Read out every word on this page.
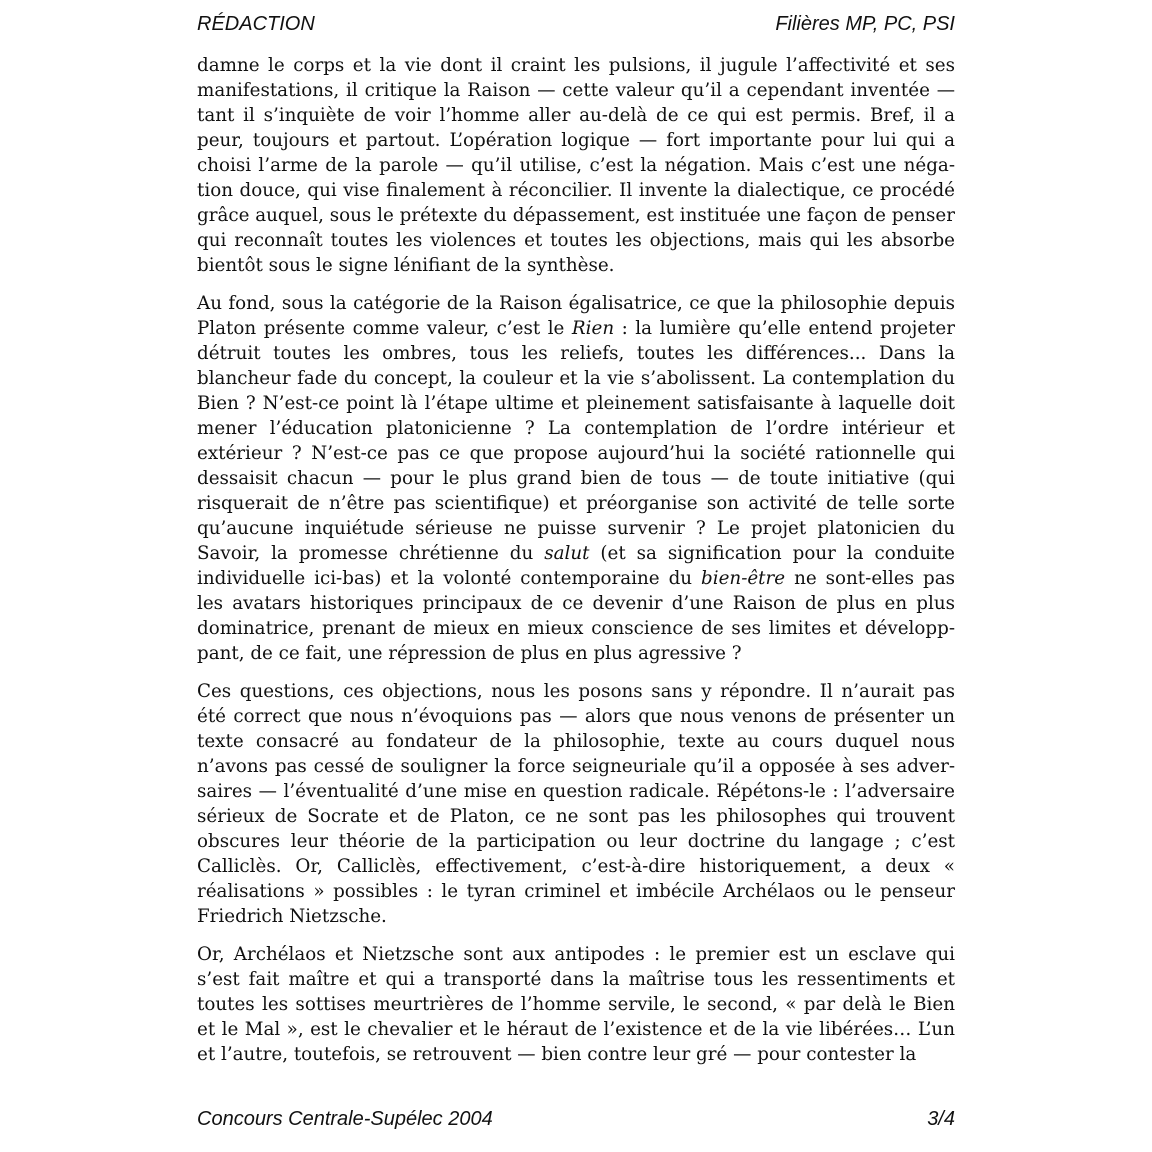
RÉDACTION	Filières MP, PC, PSI

damne le corps et la vie dont il craint les pulsions, il jugule l’affectivité et ses manifestations, il critique la Raison — cette valeur qu’il a cependant inventée — tant il s’inquiète de voir l’homme aller au-delà de ce qui est permis. Bref, il a peur, toujours et partout. L’opération logique — fort importante pour lui qui a choisi l’arme de la parole — qu’il utilise, c’est la négation. Mais c’est une négation douce, qui vise finalement à réconcilier. Il invente la dialectique, ce procédé grâce auquel, sous le prétexte du dépassement, est instituée une façon de penser qui reconnaît toutes les violences et toutes les objections, mais qui les absorbe bientôt sous le signe lénifiant de la synthèse.

Au fond, sous la catégorie de la Raison égalisatrice, ce que la philosophie depuis Platon présente comme valeur, c’est le Rien : la lumière qu’elle entend projeter détruit toutes les ombres, tous les reliefs, toutes les différences... Dans la blancheur fade du concept, la couleur et la vie s’abolissent. La contemplation du Bien ? N’est-ce point là l’étape ultime et pleinement satisfaisante à laquelle doit mener l’éducation platonicienne ? La contemplation de l’ordre intérieur et extérieur ? N’est-ce pas ce que propose aujourd’hui la société rationnelle qui dessaisit chacun — pour le plus grand bien de tous — de toute initiative (qui risquerait de n’être pas scientifique) et préorganise son activité de telle sorte qu’aucune inquiétude sérieuse ne puisse survenir ? Le projet platonicien du Savoir, la promesse chrétienne du salut (et sa signification pour la conduite individuelle ici-bas) et la volonté contemporaine du bien-être ne sont-elles pas les avatars historiques principaux de ce devenir d’une Raison de plus en plus dominatrice, prenant de mieux en mieux conscience de ses limites et développpant, de ce fait, une répression de plus en plus agressive ?

Ces questions, ces objections, nous les posons sans y répondre. Il n’aurait pas été correct que nous n’évoquions pas — alors que nous venons de présenter un texte consacré au fondateur de la philosophie, texte au cours duquel nous n’avons pas cessé de souligner la force seigneuriale qu’il a opposée à ses adversaires — l’éventualité d’une mise en question radicale. Répétons-le : l’adversaire sérieux de Socrate et de Platon, ce ne sont pas les philosophes qui trouvent obscures leur théorie de la participation ou leur doctrine du langage ; c’est Calliclès. Or, Calliclès, effectivement, c’est-à-dire historiquement, a deux « réalisations » possibles : le tyran criminel et imbécile Archélaos ou le penseur Friedrich Nietzsche.

Or, Archélaos et Nietzsche sont aux antipodes : le premier est un esclave qui s’est fait maître et qui a transporté dans la maîtrise tous les ressentiments et toutes les sottises meurtrières de l’homme servile, le second, « par delà le Bien et le Mal », est le chevalier et le héraut de l’existence et de la vie libérées… L’un et l’autre, toutefois, se retrouvent — bien contre leur gré — pour contester la

Concours Centrale-Supélec 2004	3/4
